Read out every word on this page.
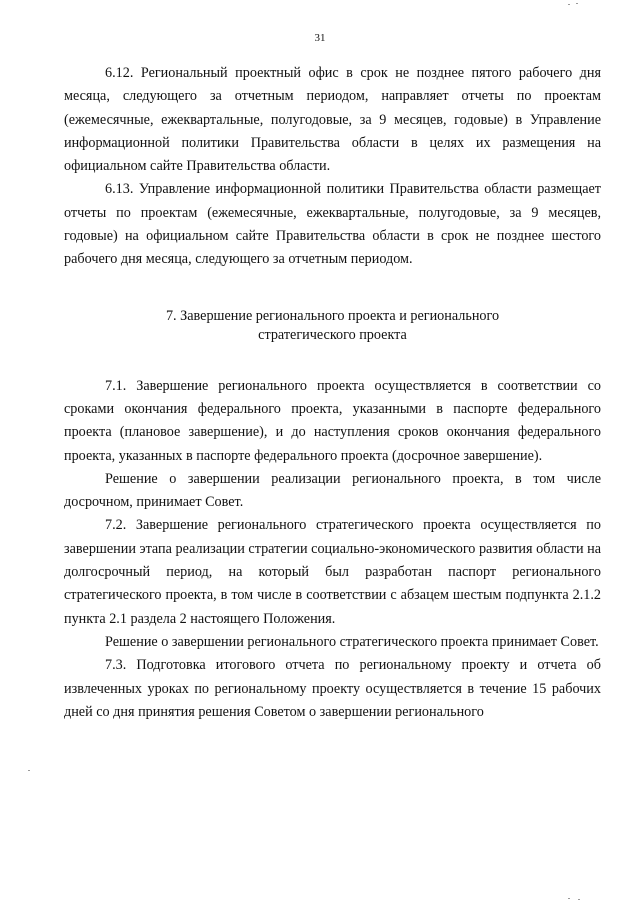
31

6.12. Региональный проектный офис в срок не позднее пятого рабочего дня месяца, следующего за отчетным периодом, направляет отчеты по проектам (ежемесячные, ежеквартальные, полугодовые, за 9 месяцев, годовые) в Управление информационной политики Правительства области в целях их размещения на официальном сайте Правительства области.

6.13. Управление информационной политики Правительства области размещает отчеты по проектам (ежемесячные, ежеквартальные, полугодовые, за 9 месяцев, годовые) на официальном сайте Правительства области в срок не позднее шестого рабочего дня месяца, следующего за отчетным периодом.

7. Завершение регионального проекта и регионального
стратегического проекта

7.1. Завершение регионального проекта осуществляется в соответствии со сроками окончания федерального проекта, указанными в паспорте федерального проекта (плановое завершение), и до наступления сроков окончания федерального проекта, указанных в паспорте федерального проекта (досрочное завершение).

Решение о завершении реализации регионального проекта, в том числе досрочном, принимает Совет.

7.2. Завершение регионального стратегического проекта осуществляется по завершении этапа реализации стратегии социально-экономического развития области на долгосрочный период, на который был разработан паспорт регионального стратегического проекта, в том числе в соответствии с абзацем шестым подпункта 2.1.2 пункта 2.1 раздела 2 настоящего Положения.

Решение о завершении регионального стратегического проекта принимает Совет.

7.3. Подготовка итогового отчета по региональному проекту и отчета об извлеченных уроках по региональному проекту осуществляется в течение 15 рабочих дней со дня принятия решения Советом о завершении регионального
